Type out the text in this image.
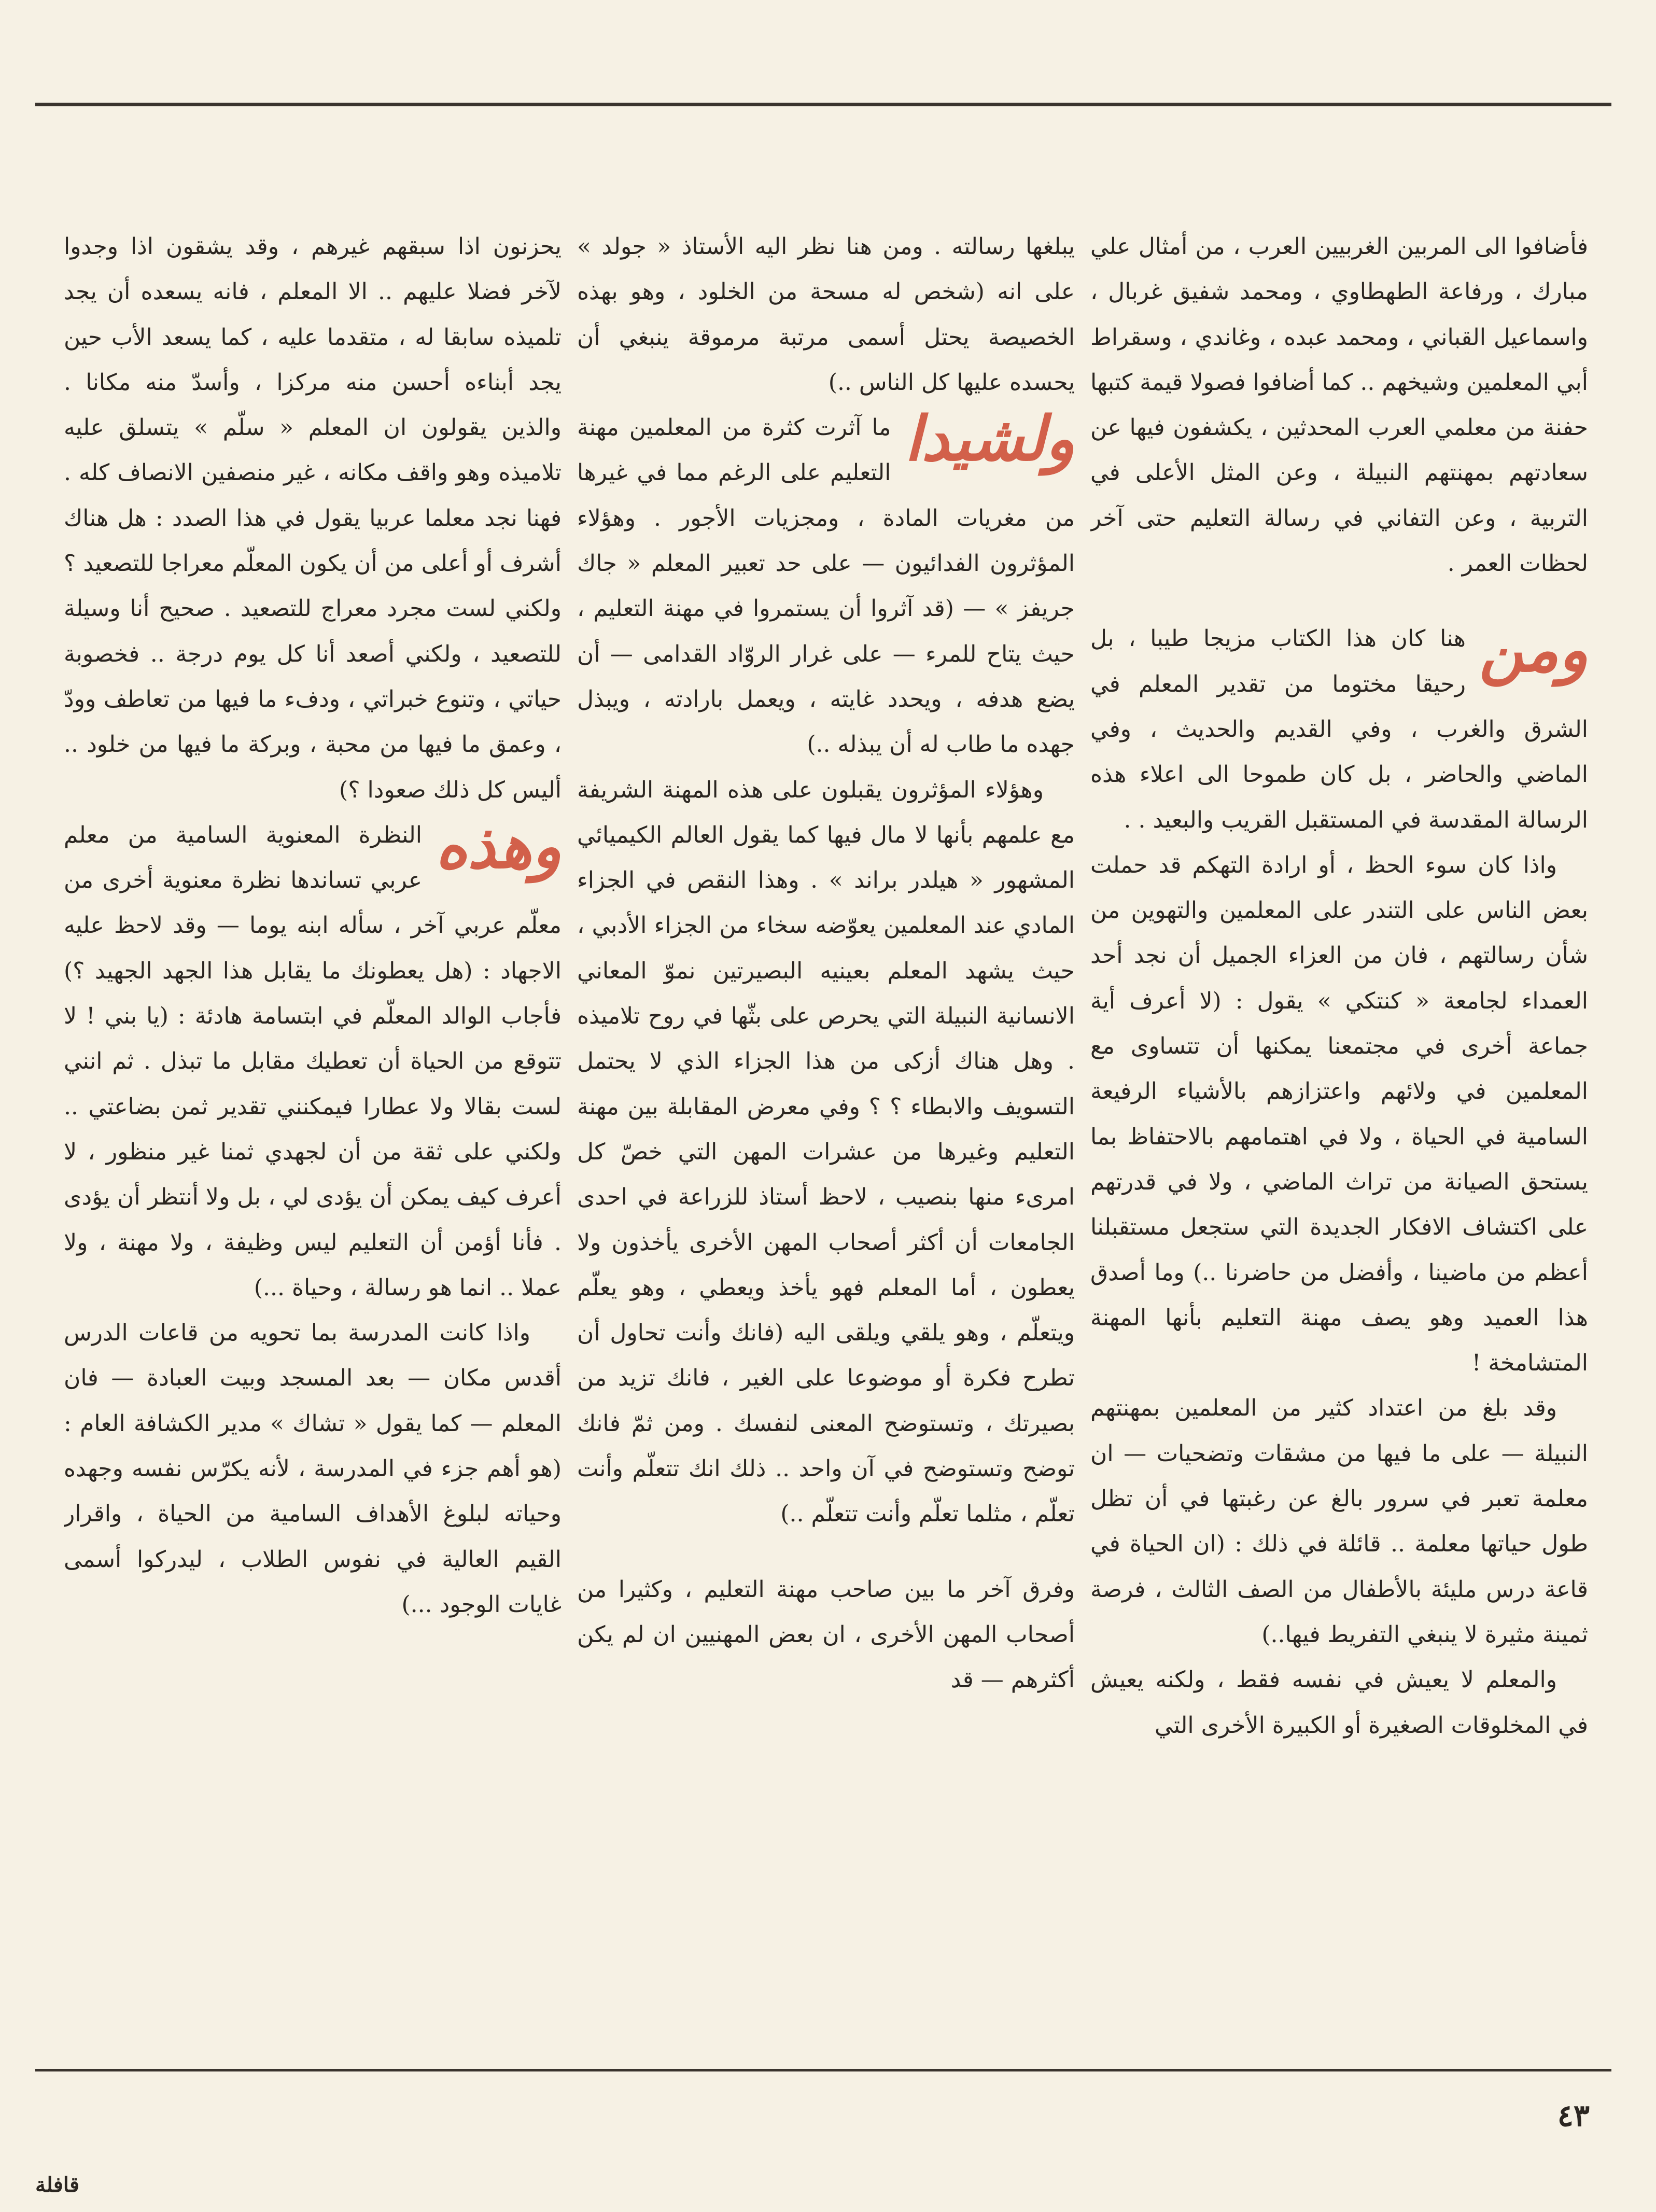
فأضافوا الى المربين الغربيين العرب ، من أمثال علي مبارك ، ورفاعة الطهطاوي ، ومحمد شفيق غربال ، واسماعيل القباني ، ومحمد عبده ، وغاندي ، وسقراط أبي المعلمين وشيخهم .. كما أضافوا فصولا قيمة كتبها حفنة من معلمي العرب المحدثين ، يكشفون فيها عن سعادتهم بمهنتهم النبيلة ، وعن المثل الأعلى في التربية ، وعن التفاني في رسالة التعليم حتى آخر لحظات العمر .

ومن

هنا كان هذا الكتاب مزيجا طيبا ، بل رحيقا مختوما من تقدير المعلم في الشرق والغرب ، وفي القديم والحديث ، وفي الماضي والحاضر ، بل كان طموحا الى اعلاء هذه الرسالة المقدسة في المستقبل القريب والبعيد . .

واذا كان سوء الحظ ، أو ارادة التهكم قد حملت بعض الناس على التندر على المعلمين والتهوين من شأن رسالتهم ، فان من العزاء الجميل أن نجد أحد العمداء لجامعة « كنتكي » يقول : (لا أعرف أية جماعة أخرى في مجتمعنا يمكنها أن تتساوى مع المعلمين في ولائهم واعتزازهم بالأشياء الرفيعة السامية في الحياة ، ولا في اهتمامهم بالاحتفاظ بما يستحق الصيانة من تراث الماضي ، ولا في قدرتهم على اكتشاف الافكار الجديدة التي ستجعل مستقبلنا أعظم من ماضينا ، وأفضل من حاضرنا ..) وما أصدق هذا العميد وهو يصف مهنة التعليم بأنها المهنة المتشامخة !

وقد بلغ من اعتداد كثير من المعلمين بمهنتهم النبيلة — على ما فيها من مشقات وتضحيات — ان معلمة تعبر في سرور بالغ عن رغبتها في أن تظل طول حياتها معلمة .. قائلة في ذلك : (ان الحياة في قاعة درس مليئة بالأطفال من الصف الثالث ، فرصة ثمينة مثيرة لا ينبغي التفريط فيها..)

والمعلم لا يعيش في نفسه فقط ، ولكنه يعيش في المخلوقات الصغيرة أو الكبيرة الأخرى التي

يبلغها رسالته . ومن هنا نظر اليه الأستاذ « جولد » على انه (شخص له مسحة من الخلود ، وهو بهذه الخصيصة يحتل أسمى مرتبة مرموقة ينبغي أن يحسده عليها كل الناس ..)

ولشيدا

ما آثرت كثرة من المعلمين مهنة التعليم على الرغم مما في غيرها من مغريات المادة ، ومجزيات الأجور . وهؤلاء المؤثرون الفدائيون — على حد تعبير المعلم « جاك جريفز » — (قد آثروا أن يستمروا في مهنة التعليم ، حيث يتاح للمرء — على غرار الروّاد القدامى — أن يضع هدفه ، ويحدد غايته ، ويعمل بارادته ، ويبذل جهده ما طاب له أن يبذله ..)

وهؤلاء المؤثرون يقبلون على هذه المهنة الشريفة مع علمهم بأنها لا مال فيها كما يقول العالم الكيميائي المشهور « هيلدر براند » . وهذا النقص في الجزاء المادي عند المعلمين يعوّضه سخاء من الجزاء الأدبي ، حيث يشهد المعلم بعينيه البصيرتين نموّ المعاني الانسانية النبيلة التي يحرص على بثّها في روح تلاميذه . وهل هناك أزكى من هذا الجزاء الذي لا يحتمل التسويف والابطاء ؟ ؟ وفي معرض المقابلة بين مهنة التعليم وغيرها من عشرات المهن التي خصّ كل امرىء منها بنصيب ، لاحظ أستاذ للزراعة في احدى الجامعات أن أكثر أصحاب المهن الأخرى يأخذون ولا يعطون ، أما المعلم فهو يأخذ ويعطي ، وهو يعلّم ويتعلّم ، وهو يلقي ويلقى اليه (فانك وأنت تحاول أن تطرح فكرة أو موضوعا على الغير ، فانك تزيد من بصيرتك ، وتستوضح المعنى لنفسك . ومن ثمّ فانك توضح وتستوضح في آن واحد .. ذلك انك تتعلّم وأنت تعلّم ، مثلما تعلّم وأنت تتعلّم ..)

وفرق آخر ما بين صاحب مهنة التعليم ، وكثيرا من أصحاب المهن الأخرى ، ان بعض المهنيين ان لم يكن أكثرهم — قد

يحزنون اذا سبقهم غيرهم ، وقد يشقون اذا وجدوا لآخر فضلا عليهم .. الا المعلم ، فانه يسعده أن يجد تلميذه سابقا له ، متقدما عليه ، كما يسعد الأب حين يجد أبناءه أحسن منه مركزا ، وأسدّ منه مكانا . والذين يقولون ان المعلم « سلّم » يتسلق عليه تلاميذه وهو واقف مكانه ، غير منصفين الانصاف كله . فهنا نجد معلما عربيا يقول في هذا الصدد : هل هناك أشرف أو أعلى من أن يكون المعلّم معراجا للتصعيد ؟ ولكني لست مجرد معراج للتصعيد . صحيح أنا وسيلة للتصعيد ، ولكني أصعد أنا كل يوم درجة .. فخصوبة حياتي ، وتنوع خبراتي ، ودفء ما فيها من تعاطف وودّ ، وعمق ما فيها من محبة ، وبركة ما فيها من خلود .. أليس كل ذلك صعودا ؟)

وهذه

النظرة المعنوية السامية من معلم عربي تساندها نظرة معنوية أخرى من معلّم عربي آخر ، سأله ابنه يوما — وقد لاحظ عليه الاجهاد : (هل يعطونك ما يقابل هذا الجهد الجهيد ؟) فأجاب الوالد المعلّم في ابتسامة هادئة : (يا بني ! لا تتوقع من الحياة أن تعطيك مقابل ما تبذل . ثم انني لست بقالا ولا عطارا فيمكنني تقدير ثمن بضاعتي .. ولكني على ثقة من أن لجهدي ثمنا غير منظور ، لا أعرف كيف يمكن أن يؤدى لي ، بل ولا أنتظر أن يؤدى . فأنا أؤمن أن التعليم ليس وظيفة ، ولا مهنة ، ولا عملا .. انما هو رسالة ، وحياة ...)

واذا كانت المدرسة بما تحويه من قاعات الدرس أقدس مكان — بعد المسجد وبيت العبادة — فان المعلم — كما يقول « تشاك » مدير الكشافة العام : (هو أهم جزء في المدرسة ، لأنه يكرّس نفسه وجهده وحياته لبلوغ الأهداف السامية من الحياة ، واقرار القيم العالية في نفوس الطلاب ، ليدركوا أسمى غايات الوجود ...)

٤٣
قافلة
